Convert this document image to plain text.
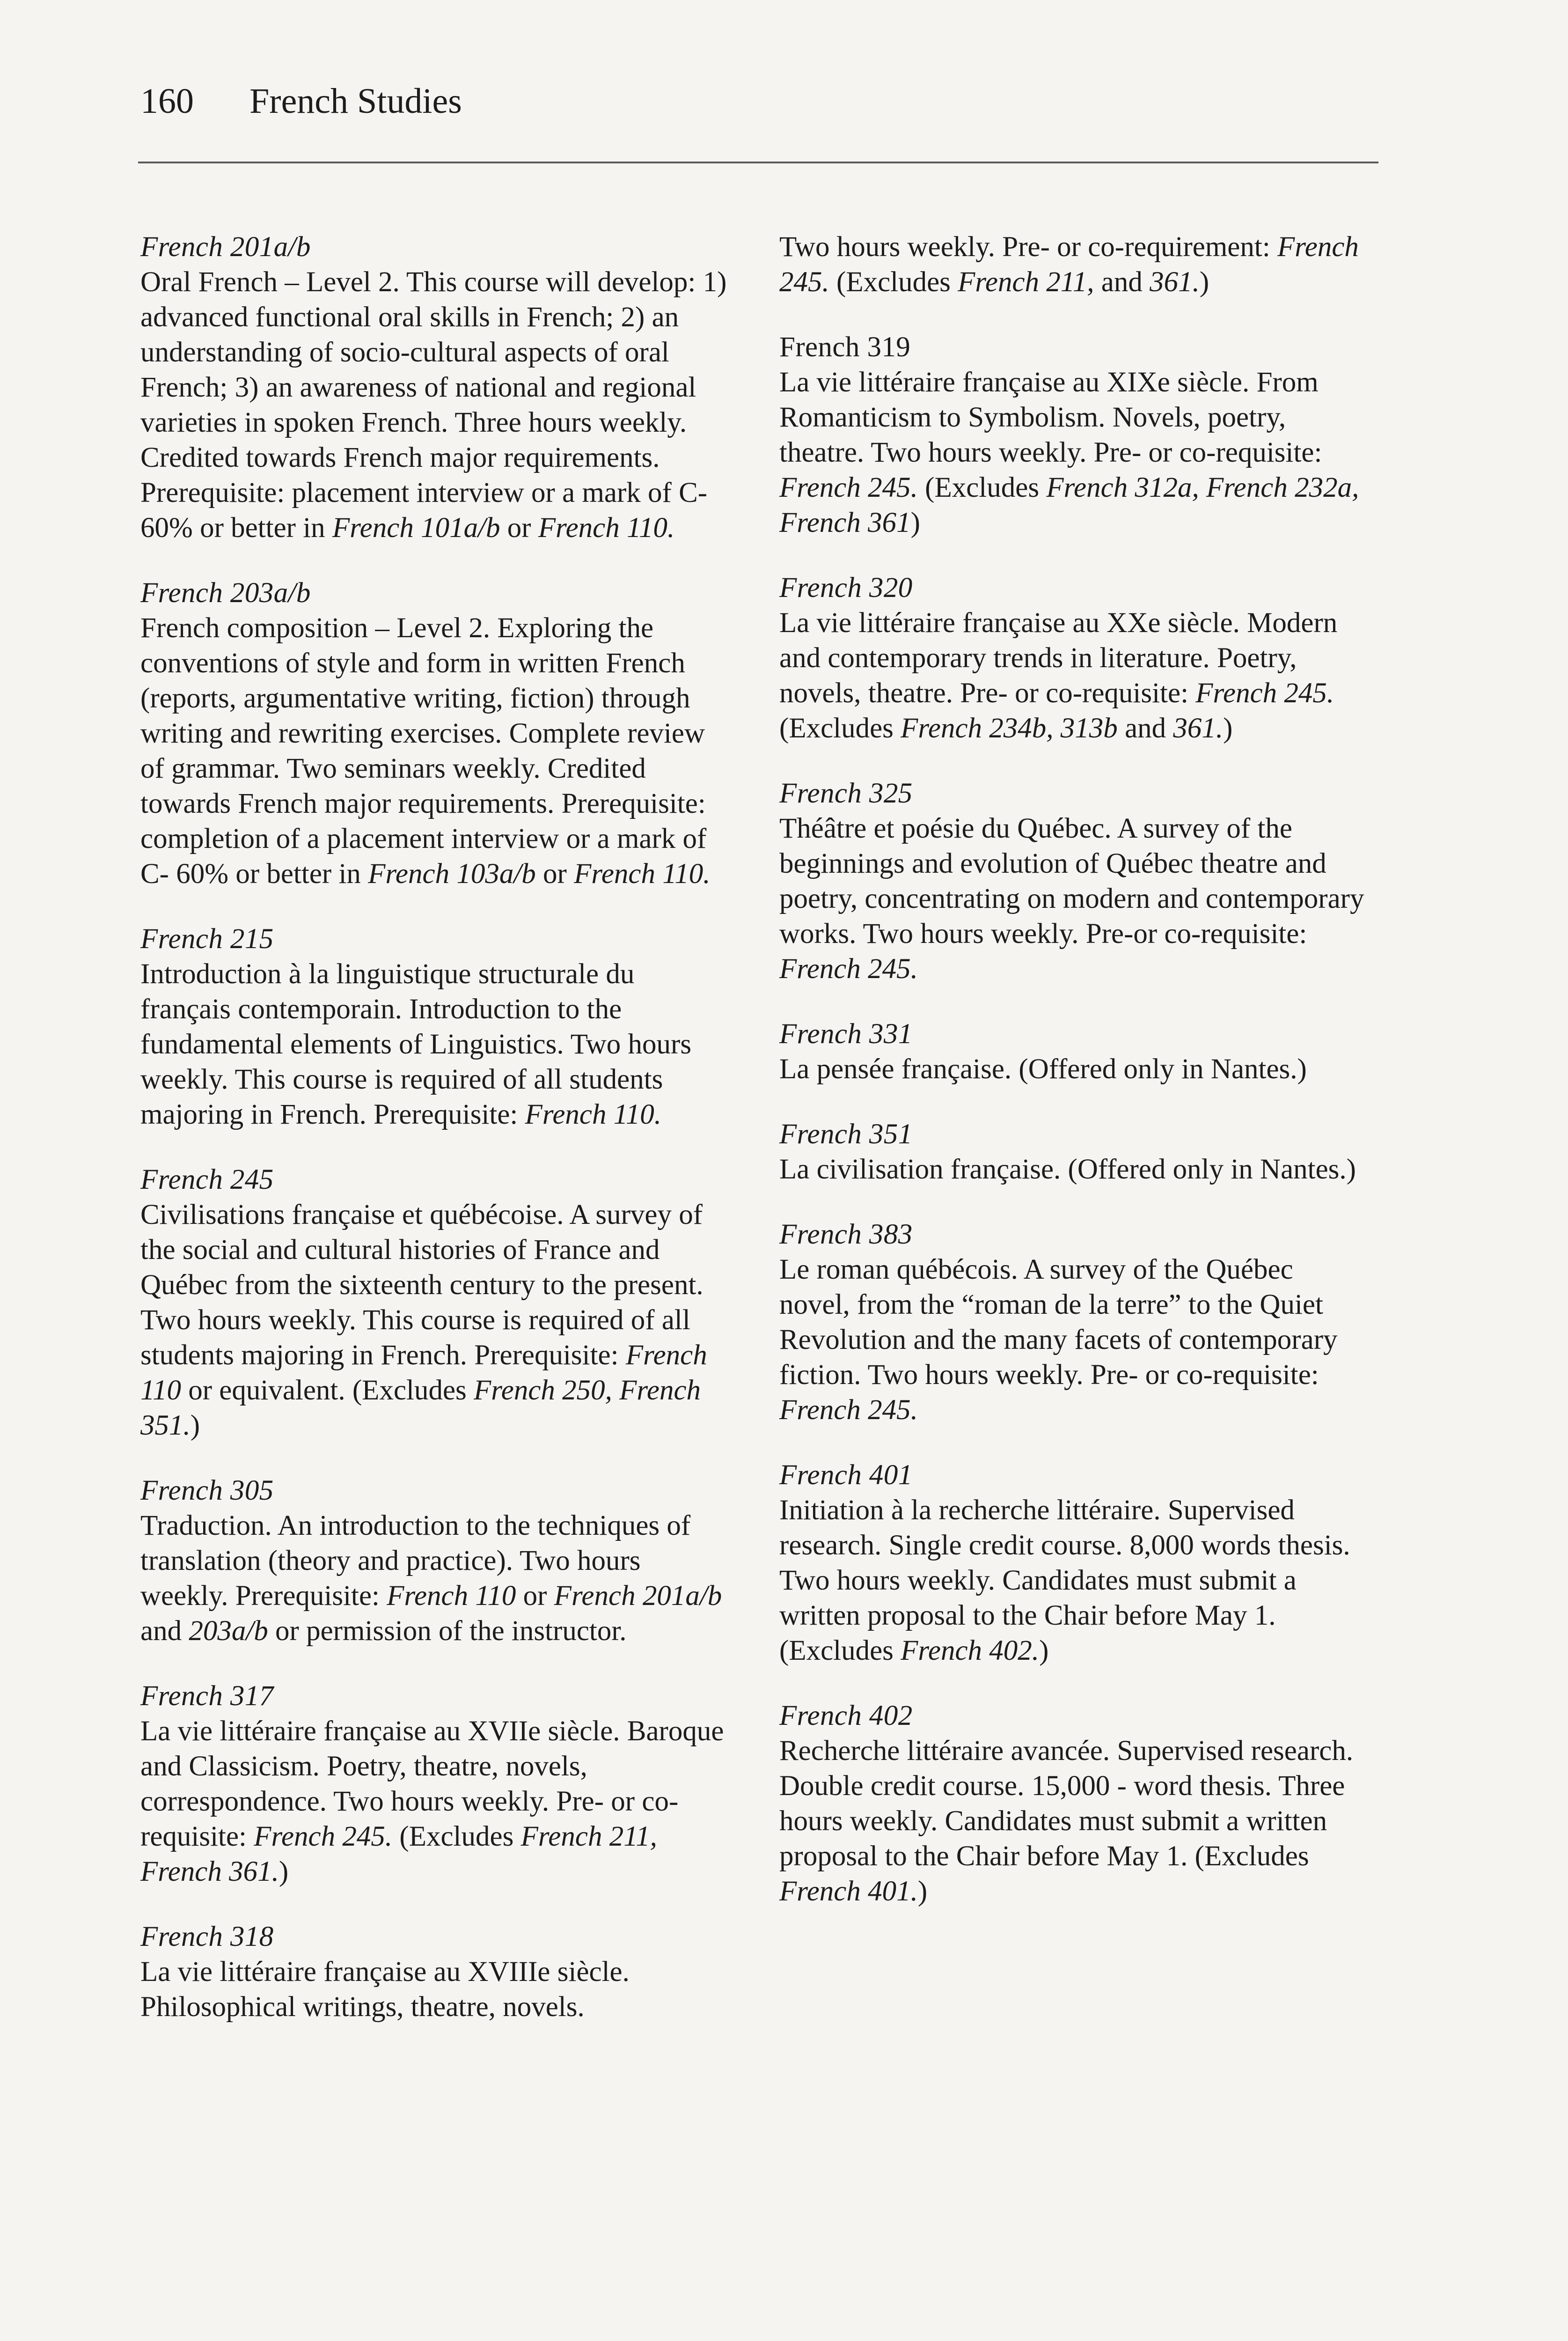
160 French Studies
French 201a/b
Oral French – Level 2. This course will develop: 1) advanced functional oral skills in French; 2) an understanding of socio-cultural aspects of oral French; 3) an awareness of national and regional varieties in spoken French. Three hours weekly. Credited towards French major requirements. Prerequisite: placement interview or a mark of C- 60% or better in French 101a/b or French 110.
French 203a/b
French composition – Level 2. Exploring the conventions of style and form in written French (reports, argumentative writing, fiction) through writing and rewriting exercises. Complete review of grammar. Two seminars weekly. Credited towards French major requirements. Prerequisite: completion of a placement interview or a mark of C- 60% or better in French 103a/b or French 110.
French 215
Introduction à la linguistique structurale du français contemporain. Introduction to the fundamental elements of Linguistics. Two hours weekly. This course is required of all students majoring in French. Prerequisite: French 110.
French 245
Civilisations française et québécoise. A survey of the social and cultural histories of France and Québec from the sixteenth century to the present. Two hours weekly. This course is required of all students majoring in French. Prerequisite: French 110 or equivalent. (Excludes French 250, French 351.)
French 305
Traduction. An introduction to the techniques of translation (theory and practice). Two hours weekly. Prerequisite: French 110 or French 201a/b and 203a/b or permission of the instructor.
French 317
La vie littéraire française au XVIIe siècle. Baroque and Classicism. Poetry, theatre, novels, correspondence. Two hours weekly. Pre- or co-requisite: French 245. (Excludes French 211, French 361.)
French 318
La vie littéraire française au XVIIIe siècle. Philosophical writings, theatre, novels.
Two hours weekly. Pre- or co-requirement: French 245. (Excludes French 211, and 361.)
French 319
La vie littéraire française au XIXe siècle. From Romanticism to Symbolism. Novels, poetry, theatre. Two hours weekly. Pre- or co-requisite: French 245. (Excludes French 312a, French 232a, French 361)
French 320
La vie littéraire française au XXe siècle. Modern and contemporary trends in literature. Poetry, novels, theatre. Pre- or co-requisite: French 245. (Excludes French 234b, 313b and 361.)
French 325
Théâtre et poésie du Québec. A survey of the beginnings and evolution of Québec theatre and poetry, concentrating on modern and contemporary works. Two hours weekly. Pre-or co-requisite: French 245.
French 331
La pensée française. (Offered only in Nantes.)
French 351
La civilisation française. (Offered only in Nantes.)
French 383
Le roman québécois. A survey of the Québec novel, from the “roman de la terre” to the Quiet Revolution and the many facets of contemporary fiction. Two hours weekly. Pre- or co-requisite: French 245.
French 401
Initiation à la recherche littéraire. Supervised research. Single credit course. 8,000 words thesis. Two hours weekly. Candidates must submit a written proposal to the Chair before May 1. (Excludes French 402.)
French 402
Recherche littéraire avancée. Supervised research. Double credit course. 15,000 - word thesis. Three hours weekly. Candidates must submit a written proposal to the Chair before May 1. (Excludes French 401.)
